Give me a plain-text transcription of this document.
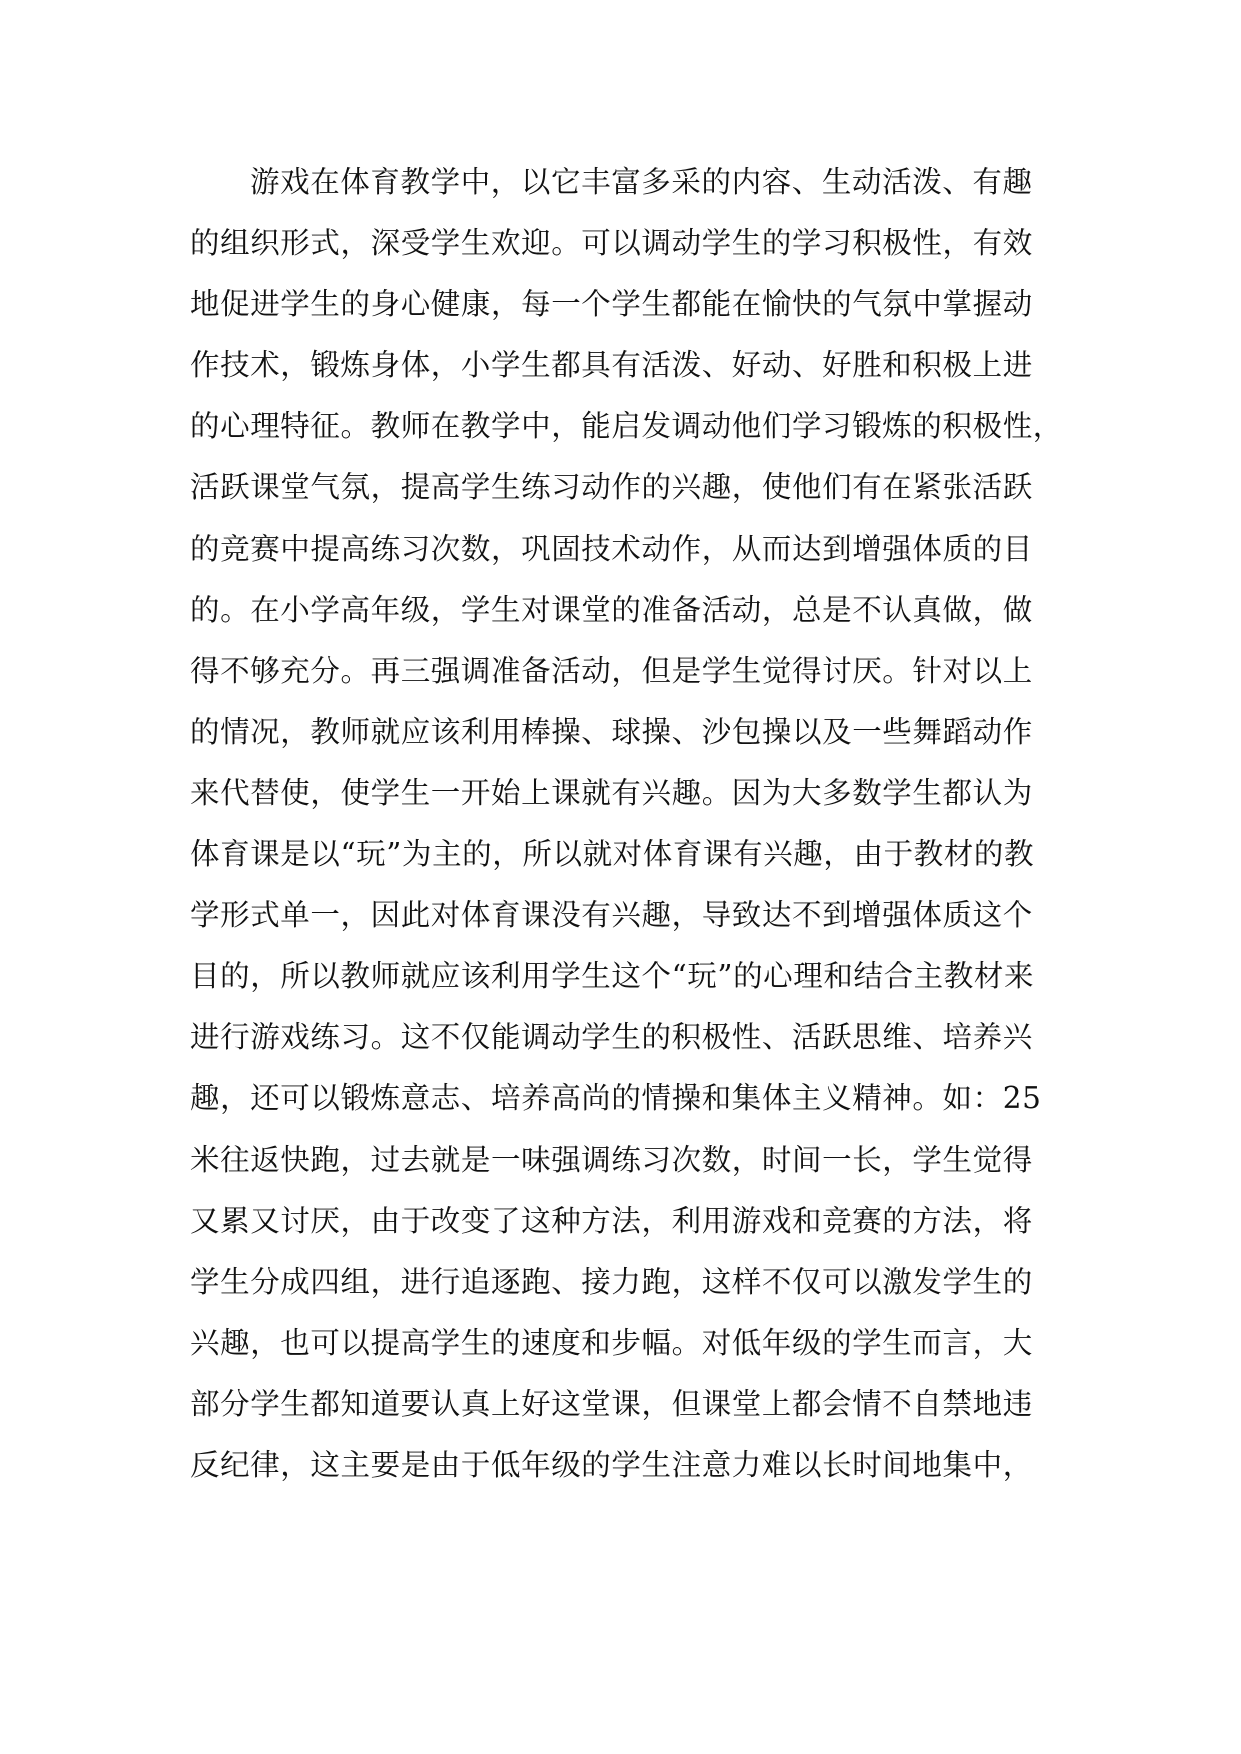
游戏在体育教学中，以它丰富多采的内容、生动活泼、有趣
的组织形式，深受学生欢迎。可以调动学生的学习积极性，有效
地促进学生的身心健康，每一个学生都能在愉快的气氛中掌握动
作技术，锻炼身体，小学生都具有活泼、好动、好胜和积极上进
的心理特征。教师在教学中，能启发调动他们学习锻炼的积极性，
活跃课堂气氛，提高学生练习动作的兴趣，使他们有在紧张活跃
的竞赛中提高练习次数，巩固技术动作，从而达到增强体质的目
的。在小学高年级，学生对课堂的准备活动，总是不认真做，做
得不够充分。再三强调准备活动，但是学生觉得讨厌。针对以上
的情况，教师就应该利用棒操、球操、沙包操以及一些舞蹈动作
来代替使，使学生一开始上课就有兴趣。因为大多数学生都认为
体育课是以“玩”为主的，所以就对体育课有兴趣，由于教材的教
学形式单一，因此对体育课没有兴趣，导致达不到增强体质这个
目的，所以教师就应该利用学生这个“玩”的心理和结合主教材来
进行游戏练习。这不仅能调动学生的积极性、活跃思维、培养兴
趣，还可以锻炼意志、培养高尚的情操和集体主义精神。如：25
米往返快跑，过去就是一味强调练习次数，时间一长，学生觉得
又累又讨厌，由于改变了这种方法，利用游戏和竞赛的方法，将
学生分成四组，进行追逐跑、接力跑，这样不仅可以激发学生的
兴趣，也可以提高学生的速度和步幅。对低年级的学生而言，大
部分学生都知道要认真上好这堂课，但课堂上都会情不自禁地违
反纪律，这主要是由于低年级的学生注意力难以长时间地集中，
